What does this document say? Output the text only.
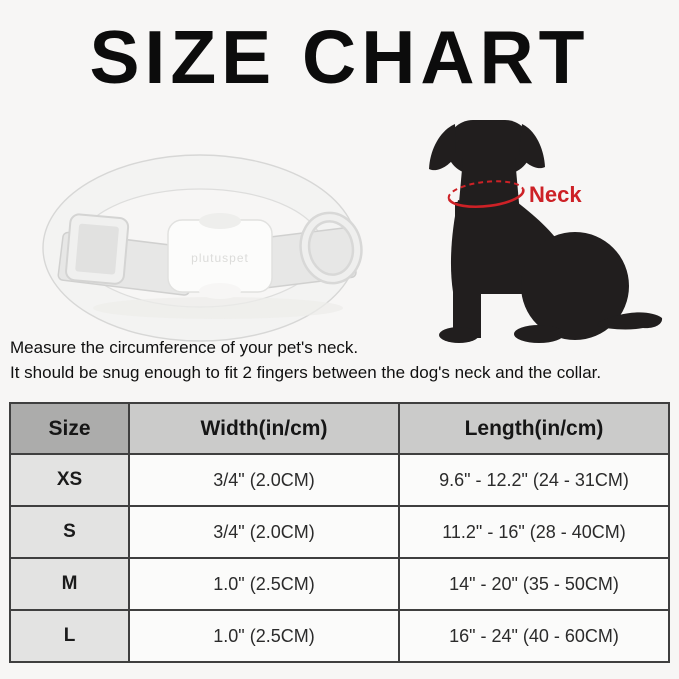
SIZE CHART
plutuspet
Neck
Measure the circumference of your pet's neck.
It should be snug enough to fit 2 fingers between the dog's neck and the collar.
Size	Width(in/cm)	Length(in/cm)
XS	3/4" (2.0CM)	9.6" - 12.2" (24 - 31CM)
S	3/4" (2.0CM)	11.2" - 16" (28 - 40CM)
M	1.0" (2.5CM)	14" - 20" (35 - 50CM)
L	1.0" (2.5CM)	16" - 24" (40 - 60CM)
